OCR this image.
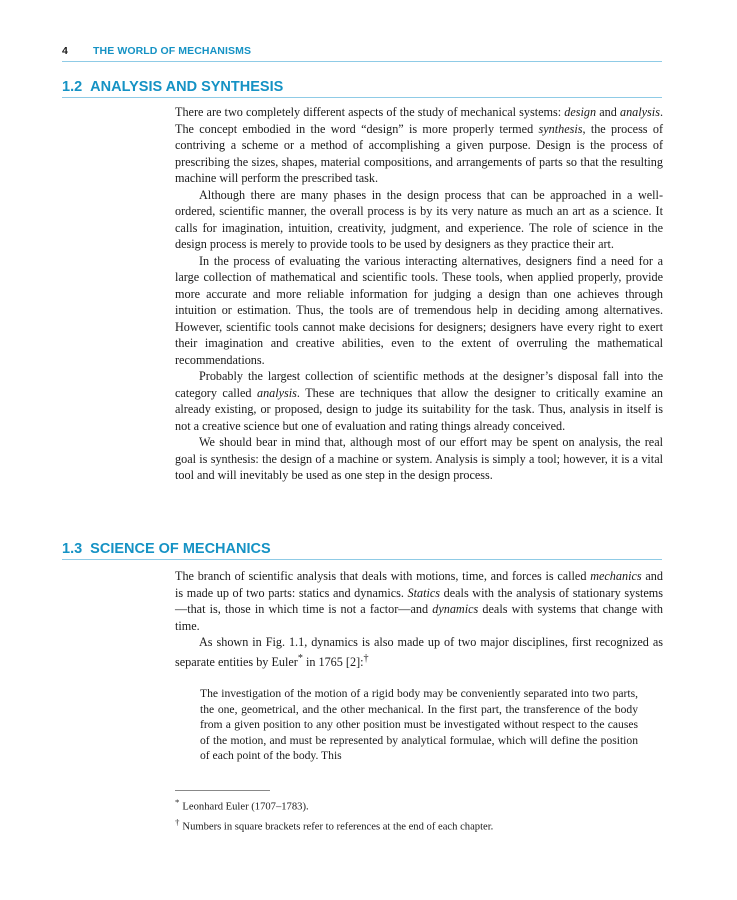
4 THE WORLD OF MECHANISMS
1.2 ANALYSIS AND SYNTHESIS

There are two completely different aspects of the study of mechanical systems: design and analysis. The concept embodied in the word “design” is more properly termed synthesis, the process of contriving a scheme or a method of accomplishing a given purpose. Design is the process of prescribing the sizes, shapes, material compositions, and arrangements of parts so that the resulting machine will perform the prescribed task.

Although there are many phases in the design process that can be approached in a well-ordered, scientific manner, the overall process is by its very nature as much an art as a science. It calls for imagination, intuition, creativity, judgment, and experience. The role of science in the design process is merely to provide tools to be used by designers as they practice their art.

In the process of evaluating the various interacting alternatives, designers find a need for a large collection of mathematical and scientific tools. These tools, when applied properly, provide more accurate and more reliable information for judging a design than one achieves through intuition or estimation. Thus, the tools are of tremendous help in deciding among alternatives. However, scientific tools cannot make decisions for designers; designers have every right to exert their imagination and creative abilities, even to the extent of overruling the mathematical recommendations.

Probably the largest collection of scientific methods at the designer’s disposal fall into the category called analysis. These are techniques that allow the designer to critically examine an already existing, or proposed, design to judge its suitability for the task. Thus, analysis in itself is not a creative science but one of evaluation and rating things already conceived.

We should bear in mind that, although most of our effort may be spent on analysis, the real goal is synthesis: the design of a machine or system. Analysis is simply a tool; however, it is a vital tool and will inevitably be used as one step in the design process.

1.3 SCIENCE OF MECHANICS

The branch of scientific analysis that deals with motions, time, and forces is called mechanics and is made up of two parts: statics and dynamics. Statics deals with the analysis of stationary systems—that is, those in which time is not a factor—and dynamics deals with systems that change with time.

As shown in Fig. 1.1, dynamics is also made up of two major disciplines, first recognized as separate entities by Euler* in 1765 [2]:†

The investigation of the motion of a rigid body may be conveniently separated into two parts, the one, geometrical, and the other mechanical. In the first part, the transference of the body from a given position to any other position must be investigated without respect to the causes of the motion, and must be represented by analytical formulae, which will define the position of each point of the body. This

* Leonhard Euler (1707–1783).

† Numbers in square brackets refer to references at the end of each chapter.
